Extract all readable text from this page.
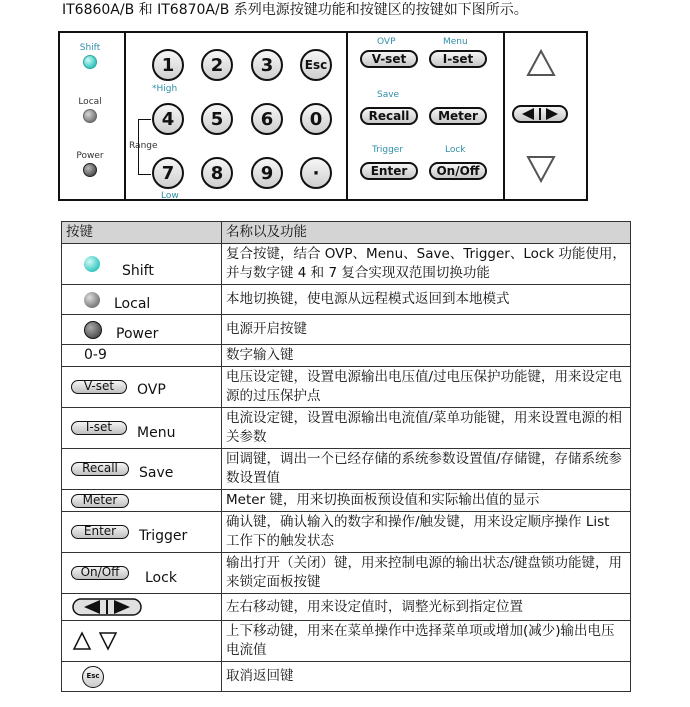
IT6860A/B 和 IT6870A/B 系列电源按键功能和按键区的按键如下图所示。
Shift
Local
Power
1	2	3	Esc
*High
4	5	6	0
Range
7	8	9	·
Low
OVP
V-set
Menu
I-set
Save
Recall	Meter
Trigger
Enter
Lock
On/Off
按键	名称以及功能

Shift	复合按键，结合 OVP、Menu、Save、Trigger、Lock 功能使用，并与数字键 4 和 7 复合实现双范围切换功能

Local	本地切换键，使电源从远程模式返回到本地模式

Power	电源开启按键
0-9	数字输入键

V-set OVP	电压设定键，设置电源输出电压值/过电压保护功能键，用来设定电源的过压保护点

I-set Menu	电流设定键，设置电源输出电流值/菜单功能键，用来设置电源的相关参数

Recall Save	回调键，调出一个已经存储的系统参数设置值/存储键，存储系统参数设置值

Meter	Meter 键，用来切换面板预设值和实际输出值的显示

Enter Trigger	确认键，确认输入的数字和操作/触发键，用来设定顺序操作 List 工作下的触发状态

On/Off Lock	输出打开（关闭）键，用来控制电源的输出状态/键盘锁功能键，用来锁定面板按键

	左右移动键，用来设定值时，调整光标到指定位置

	上下移动键，用来在菜单操作中选择菜单项或增加(减少)输出电压电流值

Esc	取消返回键
